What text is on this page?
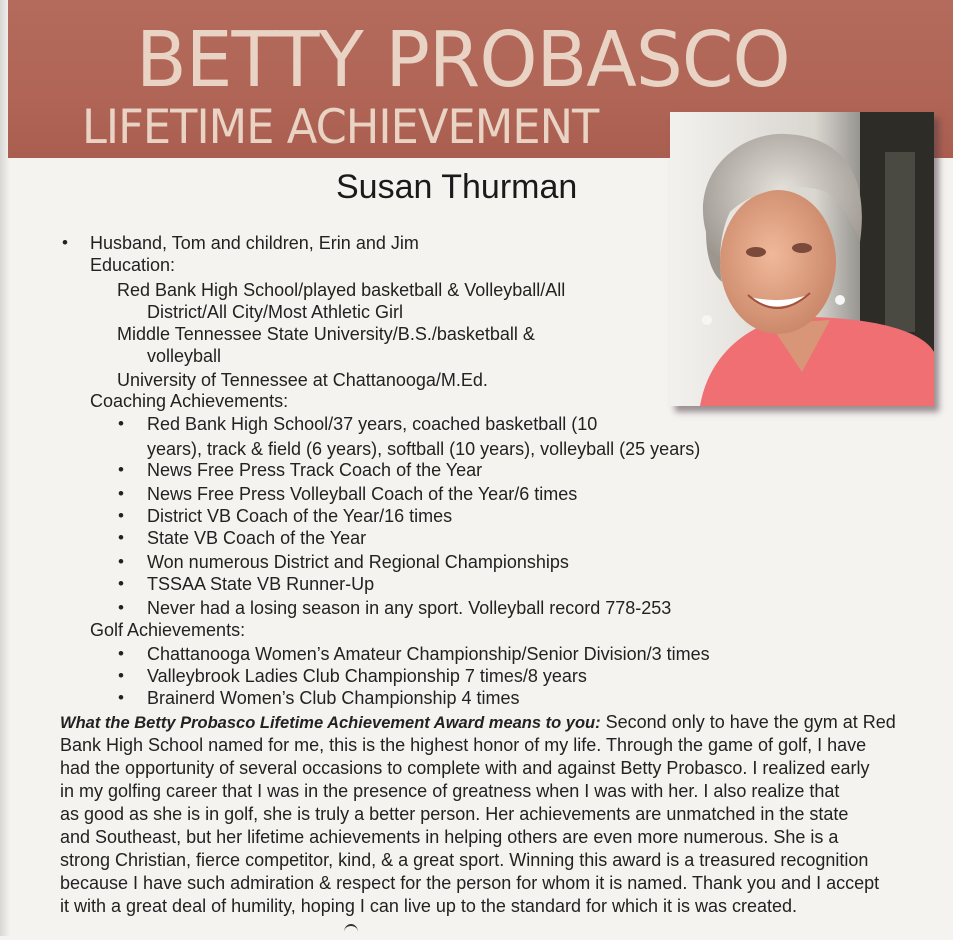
BETTY PROBASCO
LIFETIME ACHIEVEMENT
Susan Thurman
• Husband, Tom and children, Erin and Jim
Education:
Red Bank High School/played basketball & Volleyball/All
District/All City/Most Athletic Girl
Middle Tennessee State University/B.S./basketball &
volleyball
University of Tennessee at Chattanooga/M.Ed.
Coaching Achievements:
• Red Bank High School/37 years, coached basketball (10
years), track & field (6 years), softball (10 years), volleyball (25 years)
• News Free Press Track Coach of the Year
• News Free Press Volleyball Coach of the Year/6 times
• District VB Coach of the Year/16 times
• State VB Coach of the Year
• Won numerous District and Regional Championships
• TSSAA State VB Runner-Up
• Never had a losing season in any sport. Volleyball record 778-253
Golf Achievements:
• Chattanooga Women’s Amateur Championship/Senior Division/3 times
• Valleybrook Ladies Club Championship 7 times/8 years
• Brainerd Women’s Club Championship 4 times
What the Betty Probasco Lifetime Achievement Award means to you: Second only to have the gym at Red
Bank High School named for me, this is the highest honor of my life. Through the game of golf, I have
had the opportunity of several occasions to complete with and against Betty Probasco. I realized early
in my golfing career that I was in the presence of greatness when I was with her. I also realize that
as good as she is in golf, she is truly a better person. Her achievements are unmatched in the state
and Southeast, but her lifetime achievements in helping others are even more numerous. She is a
strong Christian, fierce competitor, kind, & a great sport. Winning this award is a treasured recognition
because I have such admiration & respect for the person for whom it is named. Thank you and I accept
it with a great deal of humility, hoping I can live up to the standard for which it is was created.
